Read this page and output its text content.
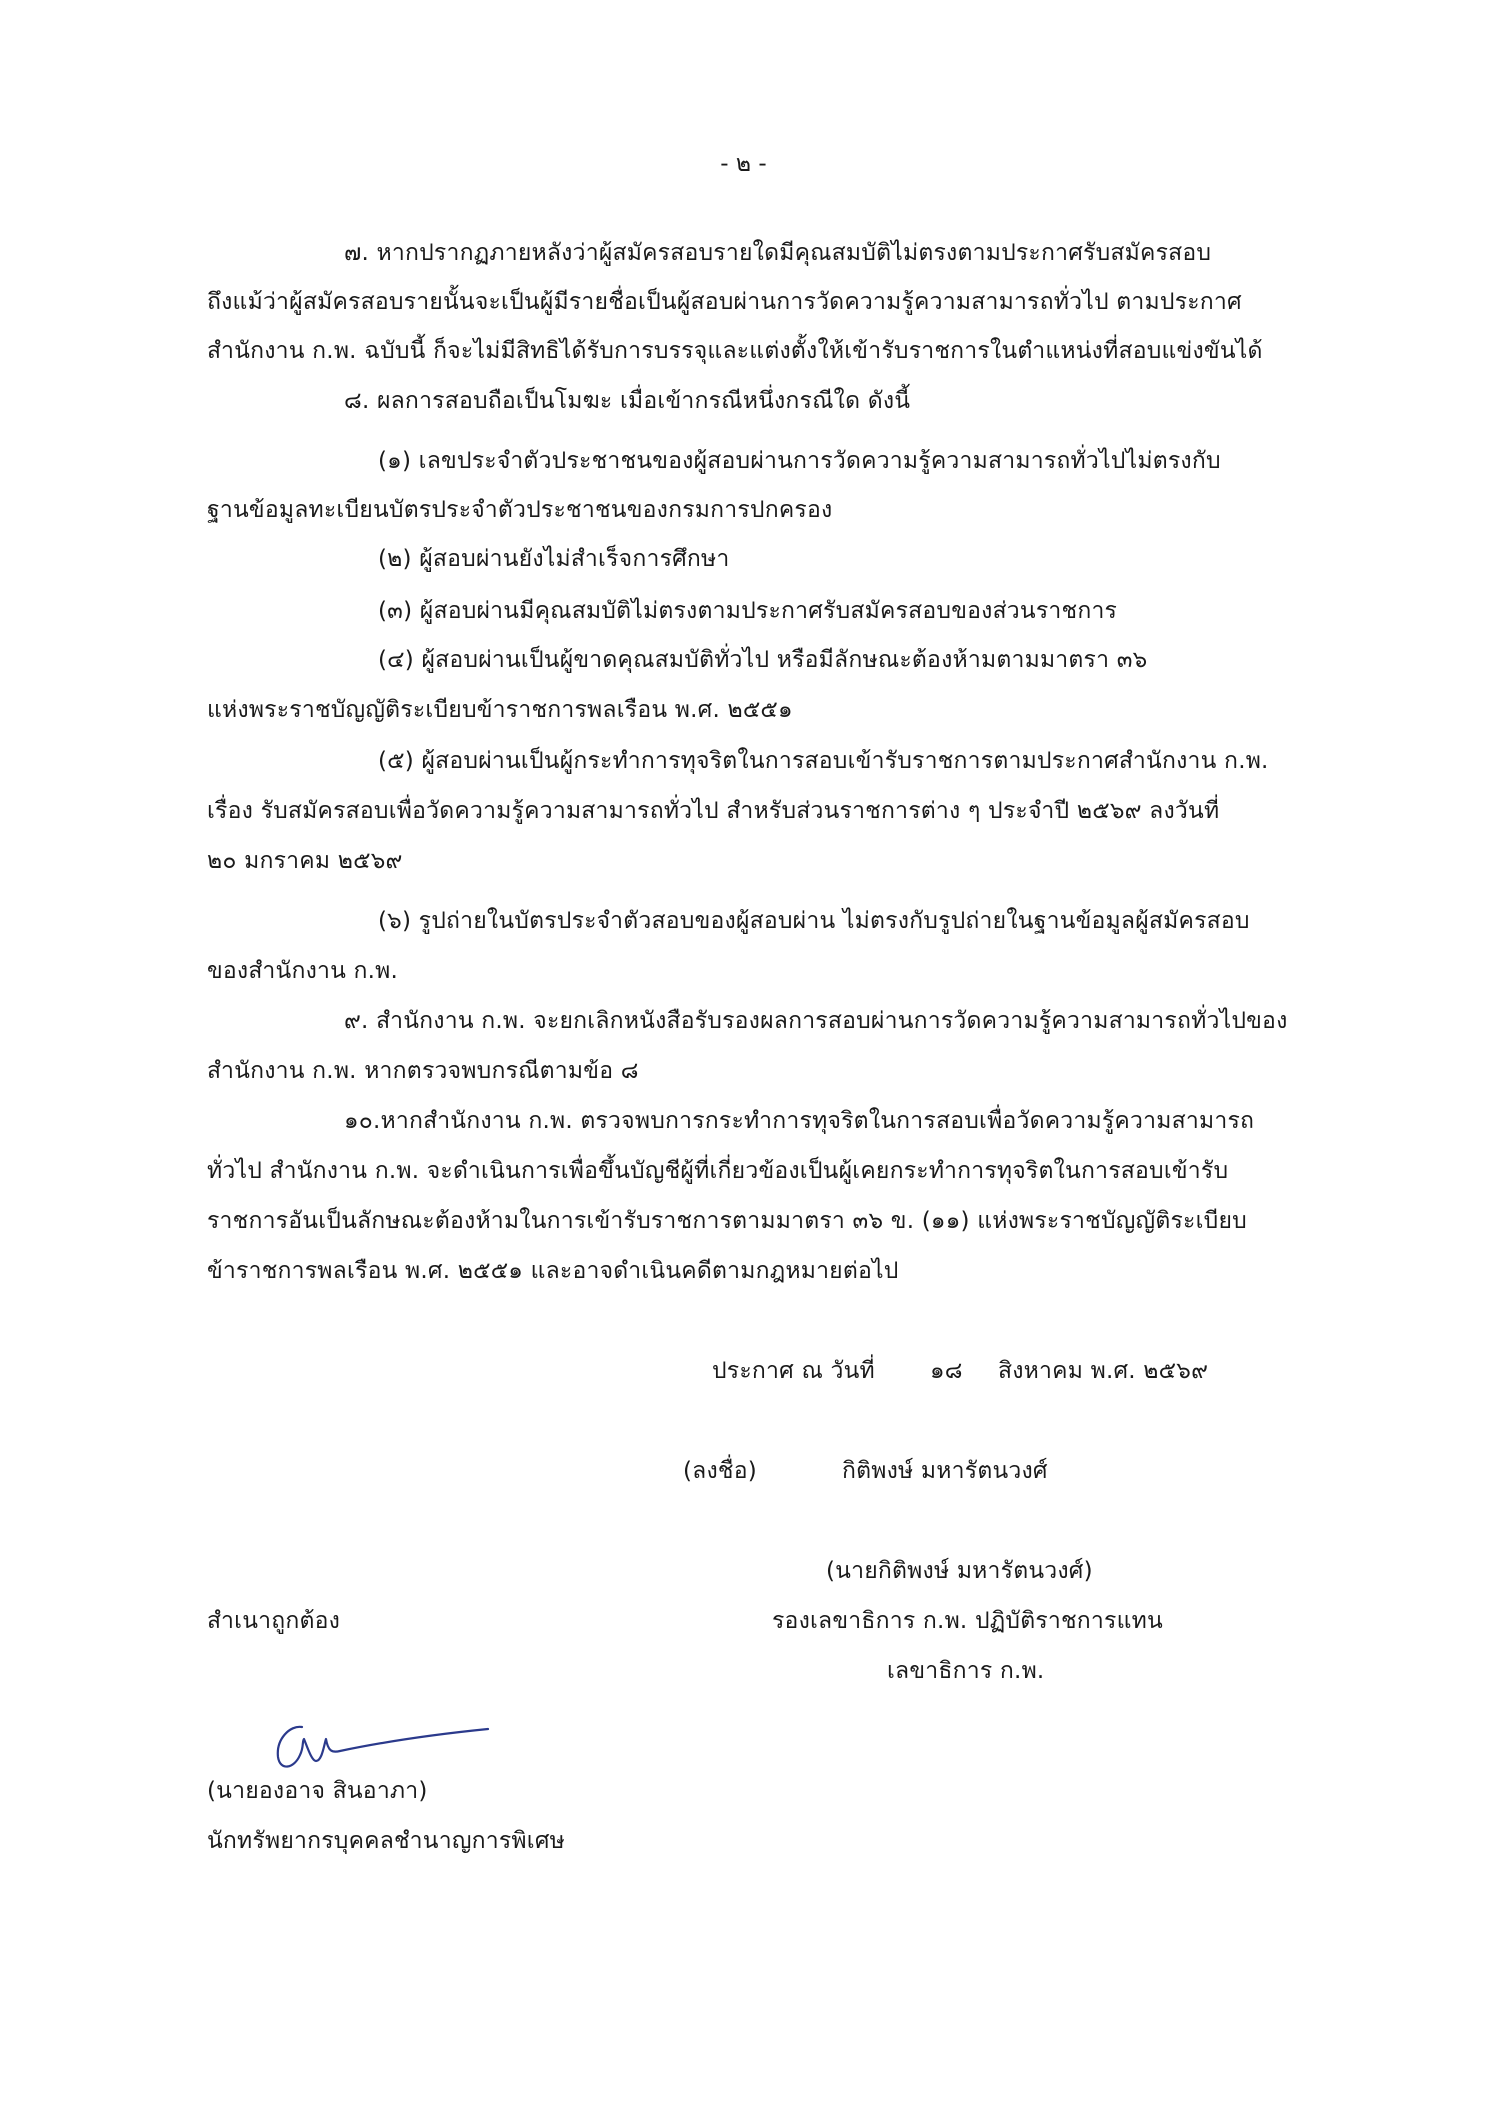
- ๒ -
๗. หากปรากฏภายหลังว่าผู้สมัครสอบรายใดมีคุณสมบัติไม่ตรงตามประกาศรับสมัครสอบ
ถึงแม้ว่าผู้สมัครสอบรายนั้นจะเป็นผู้มีรายชื่อเป็นผู้สอบผ่านการวัดความรู้ความสามารถทั่วไป ตามประกาศ
สำนักงาน ก.พ. ฉบับนี้ ก็จะไม่มีสิทธิได้รับการบรรจุและแต่งตั้งให้เข้ารับราชการในตำแหน่งที่สอบแข่งขันได้
๘. ผลการสอบถือเป็นโมฆะ เมื่อเข้ากรณีหนึ่งกรณีใด ดังนี้
(๑) เลขประจำตัวประชาชนของผู้สอบผ่านการวัดความรู้ความสามารถทั่วไปไม่ตรงกับ
ฐานข้อมูลทะเบียนบัตรประจำตัวประชาชนของกรมการปกครอง
(๒) ผู้สอบผ่านยังไม่สำเร็จการศึกษา
(๓) ผู้สอบผ่านมีคุณสมบัติไม่ตรงตามประกาศรับสมัครสอบของส่วนราชการ
(๔) ผู้สอบผ่านเป็นผู้ขาดคุณสมบัติทั่วไป หรือมีลักษณะต้องห้ามตามมาตรา ๓๖
แห่งพระราชบัญญัติระเบียบข้าราชการพลเรือน พ.ศ. ๒๕๕๑
(๕) ผู้สอบผ่านเป็นผู้กระทำการทุจริตในการสอบเข้ารับราชการตามประกาศสำนักงาน ก.พ.
เรื่อง รับสมัครสอบเพื่อวัดความรู้ความสามารถทั่วไป สำหรับส่วนราชการต่าง ๆ ประจำปี ๒๕๖๙ ลงวันที่
๒๐ มกราคม ๒๕๖๙
(๖) รูปถ่ายในบัตรประจำตัวสอบของผู้สอบผ่าน ไม่ตรงกับรูปถ่ายในฐานข้อมูลผู้สมัครสอบ
ของสำนักงาน ก.พ.
๙. สำนักงาน ก.พ. จะยกเลิกหนังสือรับรองผลการสอบผ่านการวัดความรู้ความสามารถทั่วไปของ
สำนักงาน ก.พ. หากตรวจพบกรณีตามข้อ ๘
๑๐.หากสำนักงาน ก.พ. ตรวจพบการกระทำการทุจริตในการสอบเพื่อวัดความรู้ความสามารถ
ทั่วไป สำนักงาน ก.พ. จะดำเนินการเพื่อขึ้นบัญชีผู้ที่เกี่ยวข้องเป็นผู้เคยกระทำการทุจริตในการสอบเข้ารับ
ราชการอันเป็นลักษณะต้องห้ามในการเข้ารับราชการตามมาตรา ๓๖ ข. (๑๑) แห่งพระราชบัญญัติระเบียบ
ข้าราชการพลเรือน พ.ศ. ๒๕๕๑ และอาจดำเนินคดีตามกฎหมายต่อไป
ประกาศ ณ วันที่ ๑๘ สิงหาคม พ.ศ. ๒๕๖๙
(ลงชื่อ)	กิติพงษ์ มหารัตนวงศ์
(นายกิติพงษ์ มหารัตนวงศ์)
รองเลขาธิการ ก.พ. ปฏิบัติราชการแทน
เลขาธิการ ก.พ.
สำเนาถูกต้อง
(นายองอาจ สินอาภา)
นักทรัพยากรบุคคลชำนาญการพิเศษ
